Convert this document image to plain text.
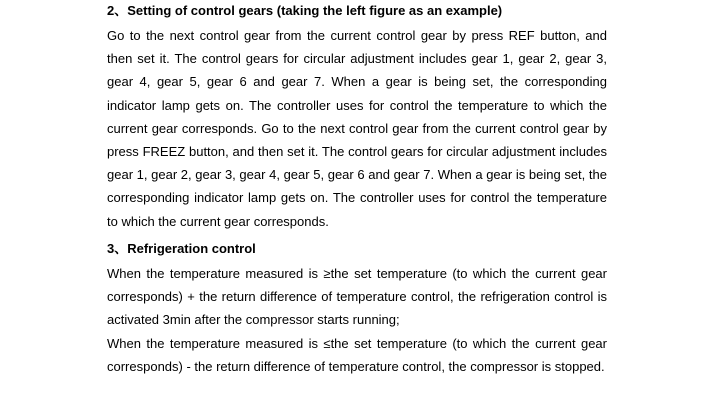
2、Setting of control gears (taking the left figure as an example)
Go to the next control gear from the current control gear by press REF button, and then set it. The control gears for circular adjustment includes gear 1, gear 2, gear 3, gear 4, gear 5, gear 6 and gear 7. When a gear is being set, the corresponding indicator lamp gets on. The controller uses for control the temperature to which the current gear corresponds. Go to the next control gear from the current control gear by press FREEZ button, and then set it. The control gears for circular adjustment includes gear 1, gear 2, gear 3, gear 4, gear 5, gear 6 and gear 7. When a gear is being set, the corresponding indicator lamp gets on. The controller uses for control the temperature to which the current gear corresponds.
3、Refrigeration control
When the temperature measured is ≥the set temperature (to which the current gear corresponds) + the return difference of temperature control, the refrigeration control is activated 3min after the compressor starts running;
When the temperature measured is ≤the set temperature (to which the current gear corresponds) - the return difference of temperature control, the compressor is stopped.
